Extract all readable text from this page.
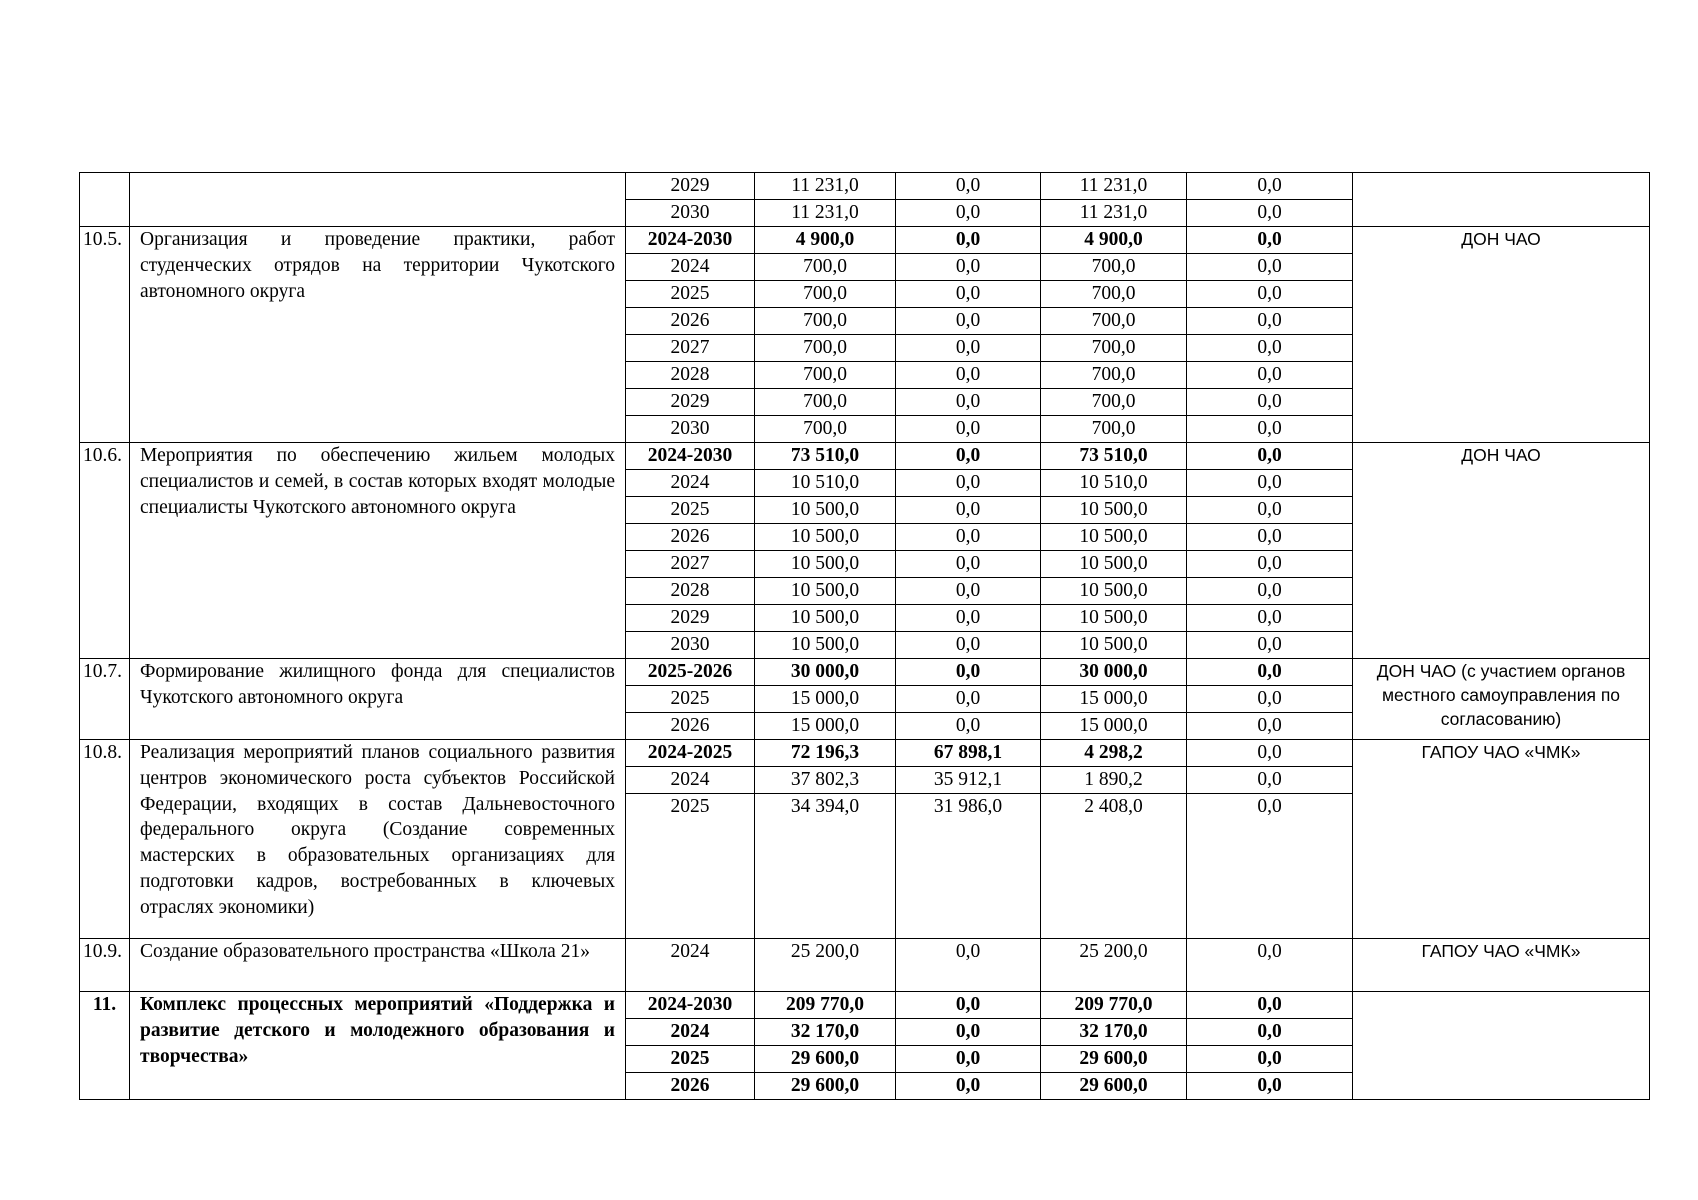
		2029	11 231,0	0,0	11 231,0	0,0	
		2030	11 231,0	0,0	11 231,0	0,0	
10.5.	Организация и проведение практики, работ студенческих отрядов на территории Чукотского автономного округа	2024-2030	4 900,0	0,0	4 900,0	0,0	ДОН ЧАО
		2024	700,0	0,0	700,0	0,0	
		2025	700,0	0,0	700,0	0,0	
		2026	700,0	0,0	700,0	0,0	
		2027	700,0	0,0	700,0	0,0	
		2028	700,0	0,0	700,0	0,0	
		2029	700,0	0,0	700,0	0,0	
		2030	700,0	0,0	700,0	0,0	
10.6.	Мероприятия по обеспечению жильем молодых специалистов и семей, в состав которых входят молодые специалисты Чукотского автономного округа	2024-2030	73 510,0	0,0	73 510,0	0,0	ДОН ЧАО
		2024	10 510,0	0,0	10 510,0	0,0	
		2025	10 500,0	0,0	10 500,0	0,0	
		2026	10 500,0	0,0	10 500,0	0,0	
		2027	10 500,0	0,0	10 500,0	0,0	
		2028	10 500,0	0,0	10 500,0	0,0	
		2029	10 500,0	0,0	10 500,0	0,0	
		2030	10 500,0	0,0	10 500,0	0,0	
10.7.	Формирование жилищного фонда для специалистов Чукотского автономного округа	2025-2026	30 000,0	0,0	30 000,0	0,0	ДОН ЧАО (с участием органов местного самоуправления по согласованию)
		2025	15 000,0	0,0	15 000,0	0,0	
		2026	15 000,0	0,0	15 000,0	0,0	
10.8.	Реализация мероприятий планов социального развития центров экономического роста субъектов Российской Федерации, входящих в состав Дальневосточного федерального округа (Создание современных мастерских в образовательных организациях для подготовки кадров, востребованных в ключевых отраслях экономики)	2024-2025	72 196,3	67 898,1	4 298,2	0,0	ГАПОУ ЧАО «ЧМК»
		2024	37 802,3	35 912,1	1 890,2	0,0	
		2025	34 394,0	31 986,0	2 408,0	0,0	
10.9.	Создание образовательного пространства «Школа 21»	2024	25 200,0	0,0	25 200,0	0,0	ГАПОУ ЧАО «ЧМК»
11.	Комплекс процессных мероприятий «Поддержка и развитие детского и молодежного образования и творчества»	2024-2030	209 770,0	0,0	209 770,0	0,0	
		2024	32 170,0	0,0	32 170,0	0,0	
		2025	29 600,0	0,0	29 600,0	0,0	
		2026	29 600,0	0,0	29 600,0	0,0	
